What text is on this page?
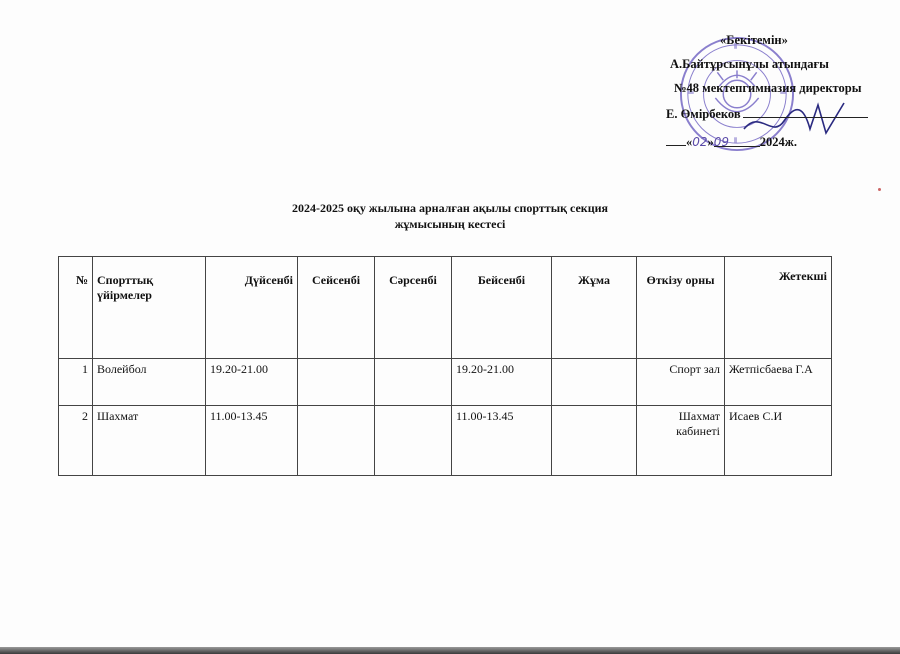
«Бекітемін»
А.Байтұрсынұлы атындағы
№48 мектепгимназия директоры
Е. Өмірбеков
«02»09 2024ж.
2024-2025 оқу жылына арналған ақылы спорттық секция
жұмысының кестесі
№	Спорттық үйірмелер	Дүйсенбі	Сейсенбі	Сәрсенбі	Бейсенбі	Жұма	Өткізу орны	Жетекші
1	Волейбол	19.20-21.00			19.20-21.00		Спорт зал	Жетпісбаева Г.А
2	Шахмат	11.00-13.45			11.00-13.45		Шахмат кабинеті	Исаев С.И
